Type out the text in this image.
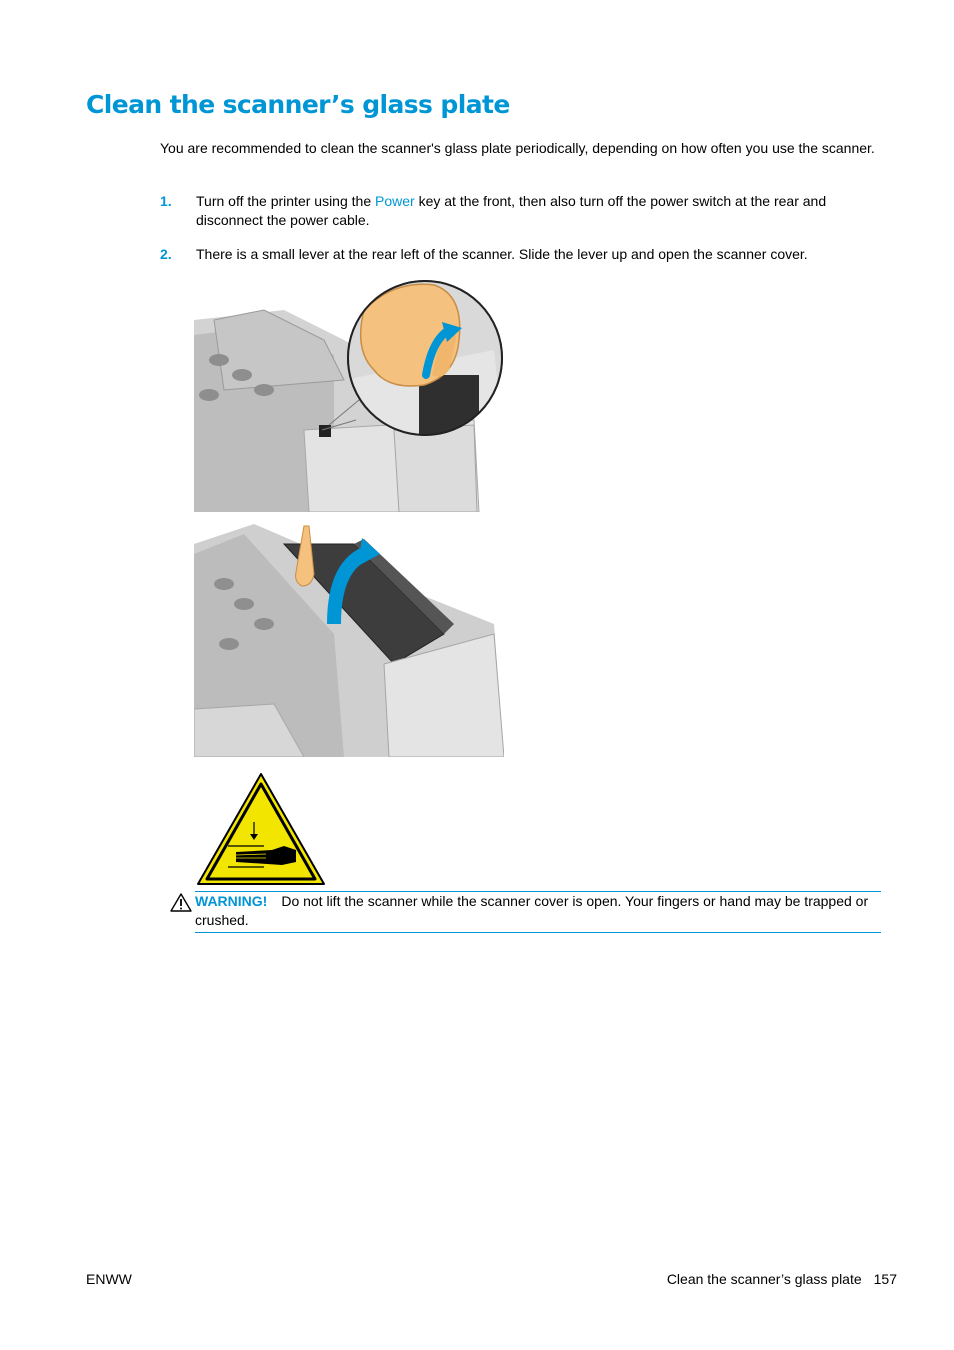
Clean the scanner’s glass plate
You are recommended to clean the scanner's glass plate periodically, depending on how often you use the scanner.
1. Turn off the printer using the Power key at the front, then also turn off the power switch at the rear and disconnect the power cable.
2. There is a small lever at the rear left of the scanner. Slide the lever up and open the scanner cover.
WARNING! Do not lift the scanner while the scanner cover is open. Your fingers or hand may be trapped or crushed.
ENWW	Clean the scanner’s glass plate 157
